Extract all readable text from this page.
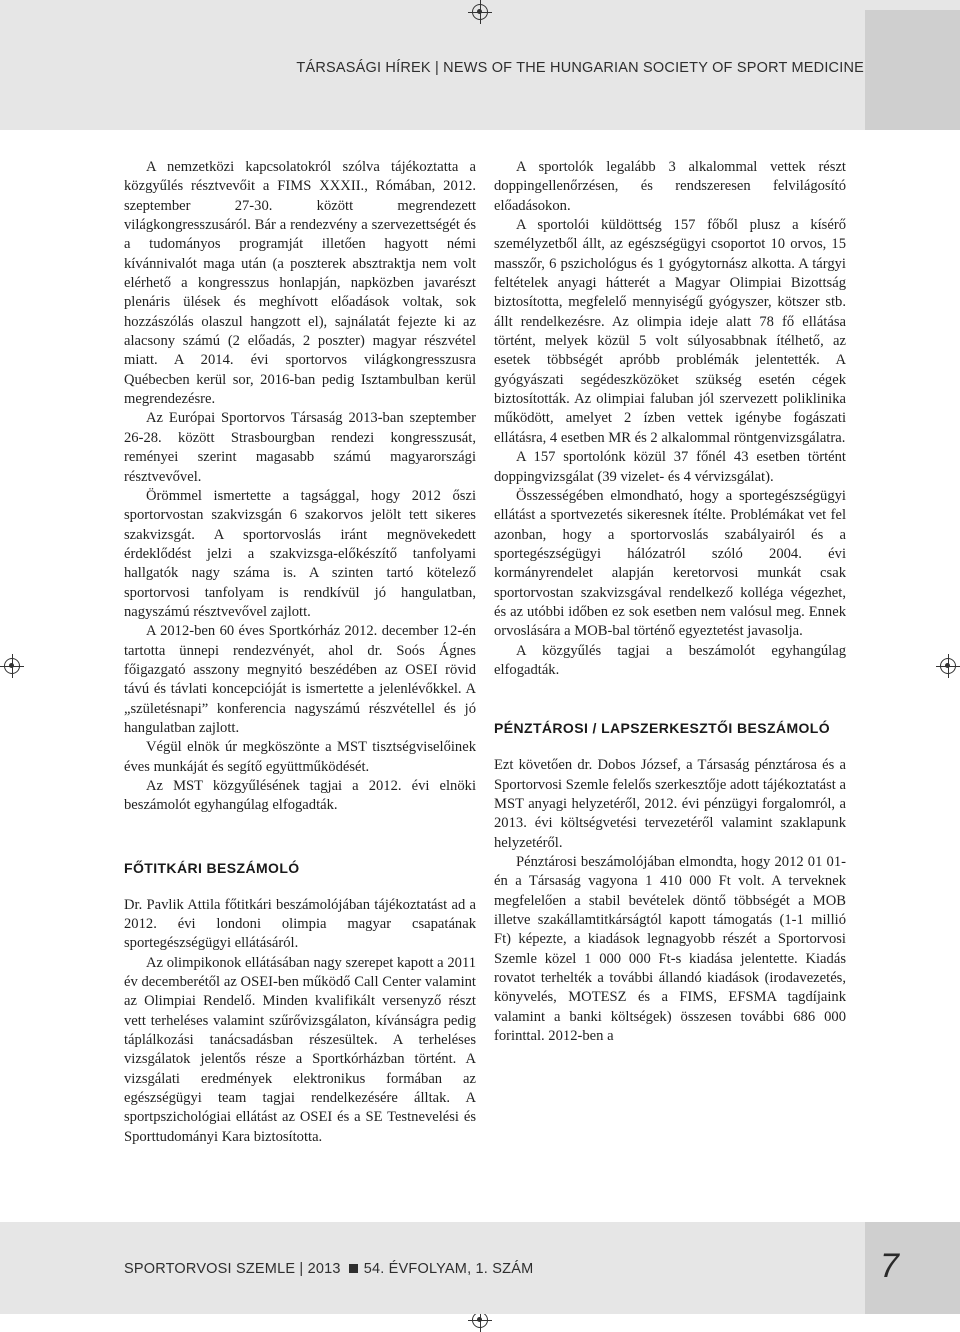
TÁRSASÁGI HÍREK | NEWS OF THE HUNGARIAN SOCIETY OF SPORT MEDICINE

A nemzetközi kapcsolatokról szólva tájékoztatta a közgyűlés résztvevőit a FIMS XXXII., Rómában, 2012. szeptember 27-30. között megrendezett világkongresszusáról. Bár a rendezvény a szervezettségét és a tudományos programját illetően hagyott némi kívánnivalót maga után (a poszterek absztraktja nem volt elérhető a kongresszus honlapján, napközben javarészt plenáris ülések és meghívott előadások voltak, sok hozzászólás olaszul hangzott el), sajnálatát fejezte ki az alacsony számú (2 előadás, 2 poszter) magyar részvétel miatt. A 2014. évi sportorvos világkongresszusra Québecben kerül sor, 2016-ban pedig Isztambulban kerül megrendezésre.

Az Európai Sportorvos Társaság 2013-ban szeptember 26-28. között Strasbourgban rendezi kongresszusát, reményei szerint magasabb számú magyarországi résztvevővel.

Örömmel ismertette a tagsággal, hogy 2012 őszi sportorvostan szakvizsgán 6 szakorvos jelölt tett sikeres szakvizsgát. A sportorvoslás iránt megnövekedett érdeklődést jelzi a szakvizsga-előkészítő tanfolyami hallgatók nagy száma is. A szinten tartó kötelező sportorvosi tanfolyam is rendkívül jó hangulatban, nagyszámú résztvevővel zajlott.

A 2012-ben 60 éves Sportkórház 2012. december 12-én tartotta ünnepi rendezvényét, ahol dr. Soós Ágnes főigazgató asszony megnyitó beszédében az OSEI rövid távú és távlati koncepcióját is ismertette a jelenlévőkkel. A „születésnapi” konferencia nagyszámú részvétellel és jó hangulatban zajlott.

Végül elnök úr megköszönte a MST tisztségviselőinek éves munkáját és segítő együttműködését.

Az MST közgyűlésének tagjai a 2012. évi elnöki beszámolót egyhangúlag elfogadták.

FŐTITKÁRI BESZÁMOLÓ

Dr. Pavlik Attila főtitkári beszámolójában tájékoztatást ad a 2012. évi londoni olimpia magyar csapatának sportegészségügyi ellátásáról.

Az olimpikonok ellátásában nagy szerepet kapott a 2011 év decemberétől az OSEI-ben működő Call Center valamint az Olimpiai Rendelő. Minden kvalifikált versenyző részt vett terheléses valamint szűrővizsgálaton, kívánságra pedig táplálkozási tanácsadásban részesültek. A terheléses vizsgálatok jelentős része a Sportkórházban történt. A vizsgálati eredmények elektronikus formában az egészségügyi team tagjai rendelkezésére álltak. A sportpszichológiai ellátást az OSEI és a SE Testnevelési és Sporttudományi Kara biztosította.

A sportolók legalább 3 alkalommal vettek részt doppingellenőrzésen, és rendszeresen felvilágosító előadásokon.

A sportolói küldöttség 157 főből plusz a kísérő személyzetből állt, az egészségügyi csoportot 10 orvos, 15 masszőr, 6 pszichológus és 1 gyógytornász alkotta. A tárgyi feltételek anyagi hátterét a Magyar Olimpiai Bizottság biztosította, megfelelő mennyiségű gyógyszer, kötszer stb. állt rendelkezésre. Az olimpia ideje alatt 78 fő ellátása történt, melyek közül 5 volt súlyosabbnak ítélhető, az esetek többségét apróbb problémák jelentették. A gyógyászati segédeszközöket szükség esetén cégek biztosították. Az olimpiai faluban jól szervezett poliklinika működött, amelyet 2 ízben vettek igénybe fogászati ellátásra, 4 esetben MR és 2 alkalommal röntgenvizsgálatra.

A 157 sportolónk közül 37 főnél 43 esetben történt doppingvizsgálat (39 vizelet- és 4 vérvizsgálat).

Összességében elmondható, hogy a sportegészségügyi ellátást a sportvezetés sikeresnek ítélte. Problémákat vet fel azonban, hogy a sportorvoslás szabályairól és a sportegészségügyi hálózatról szóló 2004. évi kormányrendelet alapján keretorvosi munkát csak sportorvostan szakvizsgával rendelkező kolléga végezhet, és az utóbbi időben ez sok esetben nem valósul meg. Ennek orvoslására a MOB-bal történő egyeztetést javasolja.

A közgyűlés tagjai a beszámolót egyhangúlag elfogadták.

PÉNZTÁROSI / LAPSZERKESZTŐI BESZÁMOLÓ

Ezt követően dr. Dobos József, a Társaság pénztárosa és a Sportorvosi Szemle felelős szerkesztője adott tájékoztatást a MST anyagi helyzetéről, 2012. évi pénzügyi forgalomról, a 2013. évi költségvetési tervezetéről valamint szaklapunk helyzetéről.

Pénztárosi beszámolójában elmondta, hogy 2012 01 01-én a Társaság vagyona 1 410 000 Ft volt. A terveknek megfelelően a stabil bevételek döntő többségét a MOB illetve szakállamtitkárságtól kapott támogatás (1-1 millió Ft) képezte, a kiadások legnagyobb részét a Sportorvosi Szemle közel 1 000 000 Ft-s kiadása jelentette. Kiadás rovatot terhelték a további állandó kiadások (irodavezetés, könyvelés, MOTESZ és a FIMS, EFSMA tagdíjaink valamint a banki költségek) összesen további 686 000 forinttal. 2012-ben a

SPORTORVOSI SZEMLE | 2013 54. ÉVFOLYAM, 1. SZÁM	7
